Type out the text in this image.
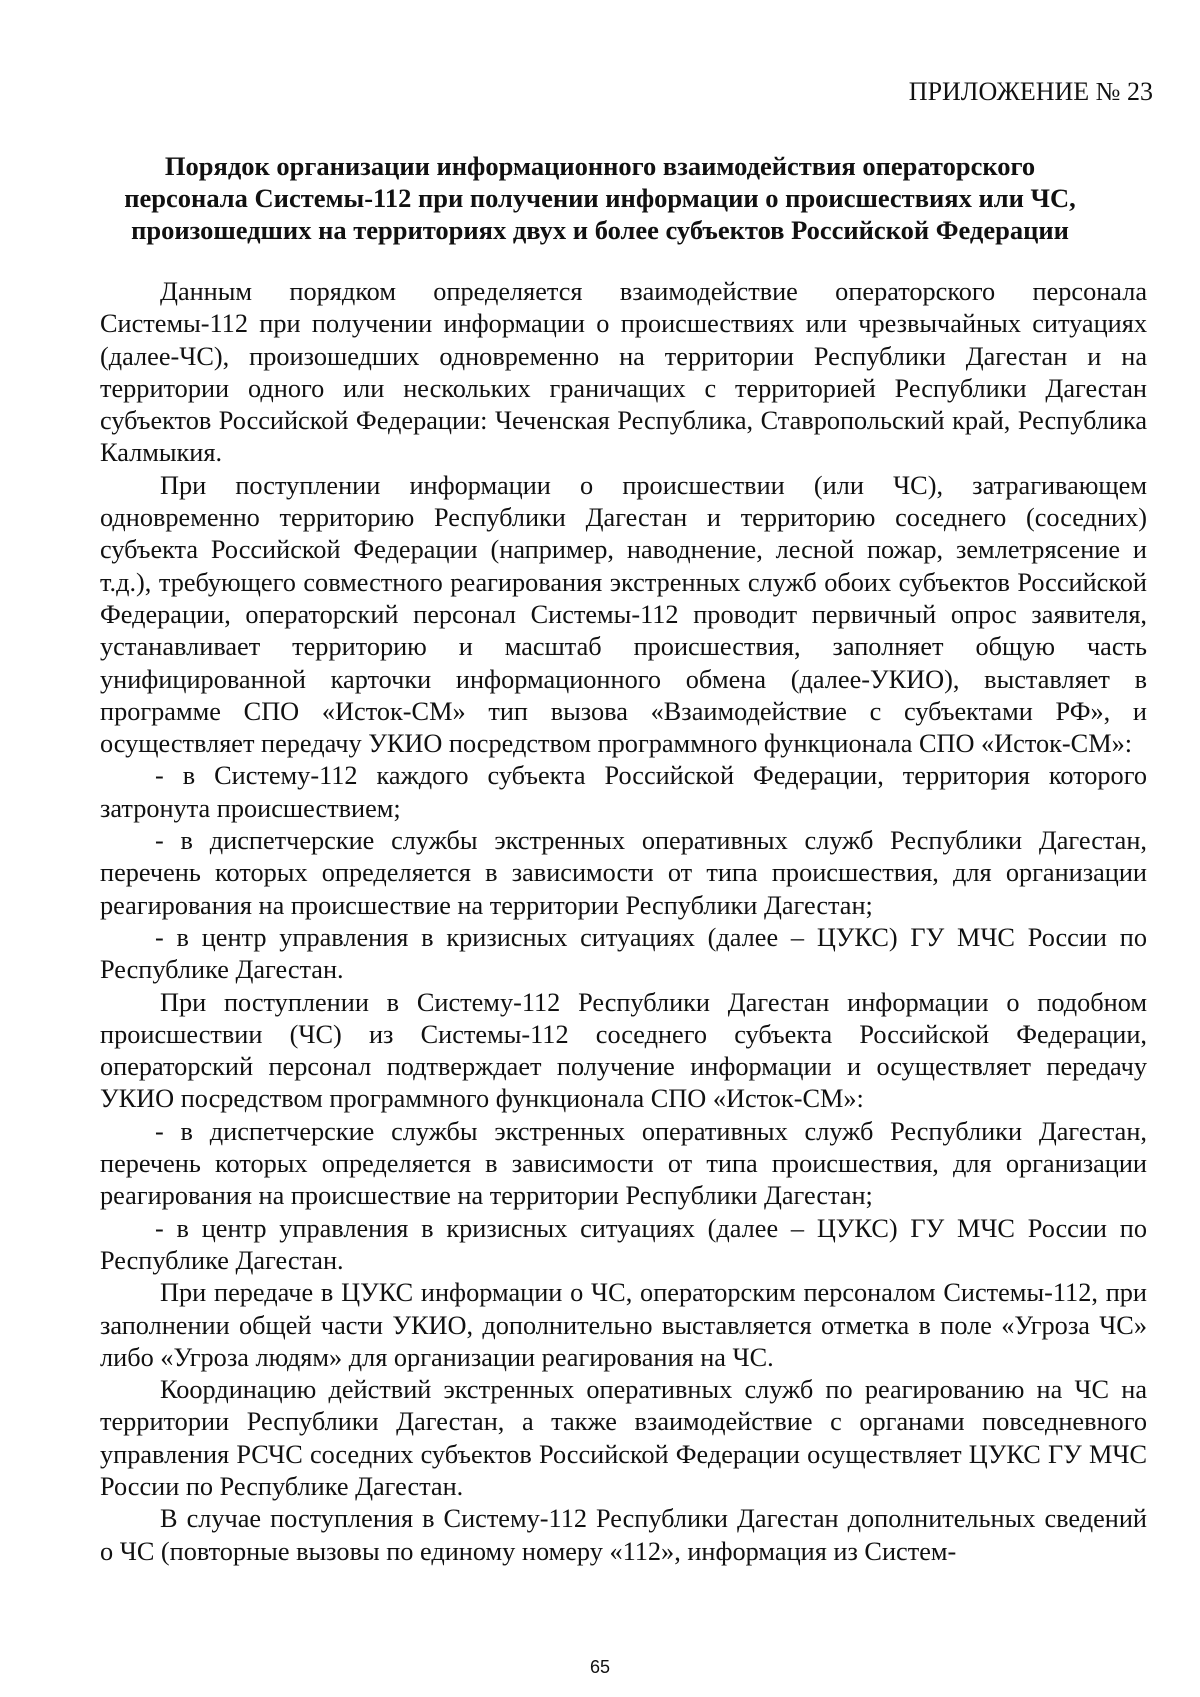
ПРИЛОЖЕНИЕ № 23
Порядок организации информационного взаимодействия операторского персонала Системы-112 при получении информации о происшествиях или ЧС, произошедших на территориях двух и более субъектов Российской Федерации

Данным порядком определяется взаимодействие операторского персонала Системы-112 при получении информации о происшествиях или чрезвычайных ситуациях (далее-ЧС), произошедших одновременно на территории Республики Дагестан и на территории одного или нескольких граничащих с территорией Республики Дагестан субъектов Российской Федерации: Чеченская Республика, Ставропольский край, Республика Калмыкия.

При поступлении информации о происшествии (или ЧС), затрагивающем одновременно территорию Республики Дагестан и территорию соседнего (соседних) субъекта Российской Федерации (например, наводнение, лесной пожар, землетрясение и т.д.), требующего совместного реагирования экстренных служб обоих субъектов Российской Федерации, операторский персонал Системы-112 проводит первичный опрос заявителя, устанавливает территорию и масштаб происшествия, заполняет общую часть унифицированной карточки информационного обмена (далее-УКИО), выставляет в программе СПО «Исток-СМ» тип вызова «Взаимодействие с субъектами РФ», и осуществляет передачу УКИО посредством программного функционала СПО «Исток-СМ»:

- в Систему-112 каждого субъекта Российской Федерации, территория которого затронута происшествием;

- в диспетчерские службы экстренных оперативных служб Республики Дагестан, перечень которых определяется в зависимости от типа происшествия, для организации реагирования на происшествие на территории Республики Дагестан;

- в центр управления в кризисных ситуациях (далее – ЦУКС) ГУ МЧС России по Республике Дагестан.

При поступлении в Систему-112 Республики Дагестан информации о подобном происшествии (ЧС) из Системы-112 соседнего субъекта Российской Федерации, операторский персонал подтверждает получение информации и осуществляет передачу УКИО посредством программного функционала СПО «Исток-СМ»:

- в диспетчерские службы экстренных оперативных служб Республики Дагестан, перечень которых определяется в зависимости от типа происшествия, для организации реагирования на происшествие на территории Республики Дагестан;

- в центр управления в кризисных ситуациях (далее – ЦУКС) ГУ МЧС России по Республике Дагестан.

При передаче в ЦУКС информации о ЧС, операторским персоналом Системы-112, при заполнении общей части УКИО, дополнительно выставляется отметка в поле «Угроза ЧС» либо «Угроза людям» для организации реагирования на ЧС.

Координацию действий экстренных оперативных служб по реагированию на ЧС на территории Республики Дагестан, а также взаимодействие с органами повседневного управления РСЧС соседних субъектов Российской Федерации осуществляет ЦУКС ГУ МЧС России по Республике Дагестан.

В случае поступления в Систему-112 Республики Дагестан дополнительных сведений о ЧС (повторные вызовы по единому номеру «112», информация из Систем-

65
